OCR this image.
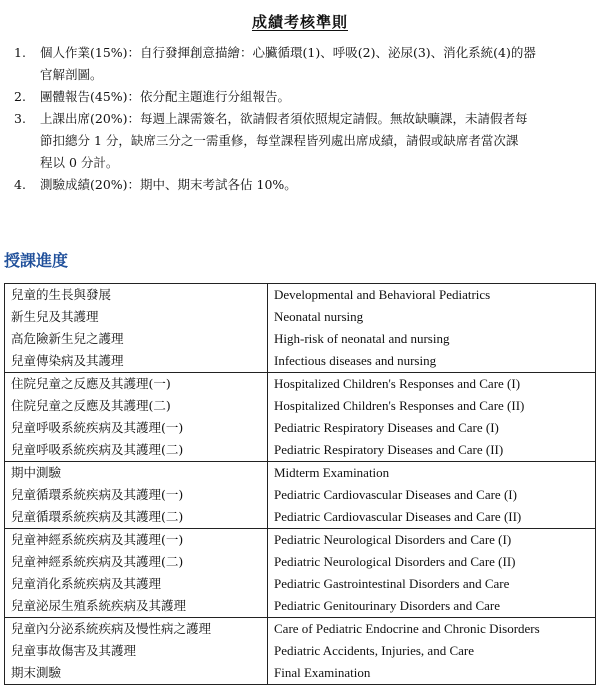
成績考核準則
1. 個人作業(15%)：自行發揮創意描繪：心臟循環(1)、呼吸(2)、泌尿(3)、消化系統(4)的器
官解剖圖。
2. 團體報告(45%)：依分配主題進行分組報告。
3. 上課出席(20%)：每週上課需簽名，欲請假者須依照規定請假。無故缺曠課，未請假者每
節扣總分 1 分，缺席三分之一需重修，每堂課程皆列處出席成績，請假或缺席者當次課
程以 0 分計。
4. 測驗成績(20%)：期中、期末考試各佔 10%。
授課進度
兒童的生長與發展	Developmental and Behavioral Pediatrics
新生兒及其護理	Neonatal nursing
高危險新生兒之護理	High-risk of neonatal and nursing
兒童傳染病及其護理	Infectious diseases and nursing
住院兒童之反應及其護理(一)	Hospitalized Children's Responses and Care (I)
住院兒童之反應及其護理(二)	Hospitalized Children's Responses and Care (II)
兒童呼吸系統疾病及其護理(一)	Pediatric Respiratory Diseases and Care (I)
兒童呼吸系統疾病及其護理(二)	Pediatric Respiratory Diseases and Care (II)
期中測驗	Midterm Examination
兒童循環系統疾病及其護理(一)	Pediatric Cardiovascular Diseases and Care (I)
兒童循環系統疾病及其護理(二)	Pediatric Cardiovascular Diseases and Care (II)
兒童神經系統疾病及其護理(一)	Pediatric Neurological Disorders and Care (I)
兒童神經系統疾病及其護理(二)	Pediatric Neurological Disorders and Care (II)
兒童消化系統疾病及其護理	Pediatric Gastrointestinal Disorders and Care
兒童泌尿生殖系統疾病及其護理	Pediatric Genitourinary Disorders and Care
兒童內分泌系統疾病及慢性病之護理	Care of Pediatric Endocrine and Chronic Disorders
兒童事故傷害及其護理	Pediatric Accidents, Injuries, and Care
期末測驗	Final Examination
